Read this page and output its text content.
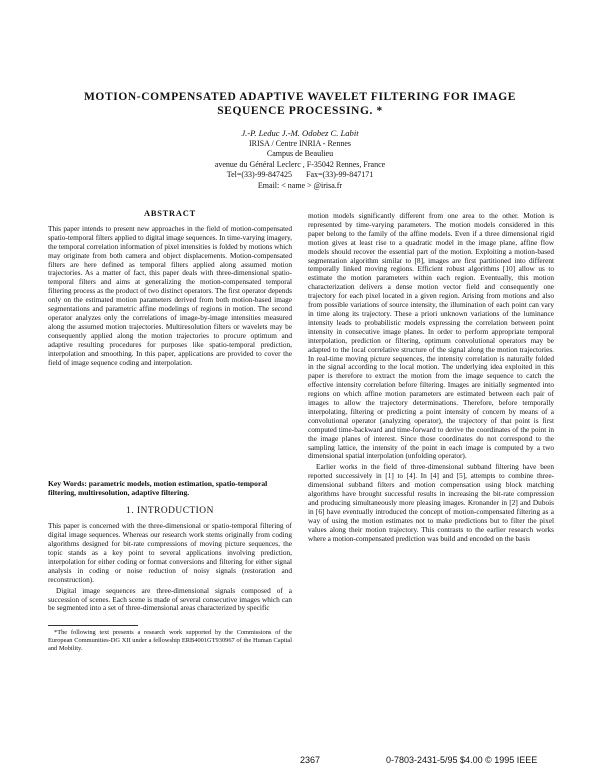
MOTION-COMPENSATED ADAPTIVE WAVELET FILTERING FOR IMAGE
SEQUENCE PROCESSING. *
J.-P. Leduc J.-M. Odobez C. Labit
IRISA / Centre INRIA - Rennes
Campus de Beaulieu
avenue du Général Leclerc , F-35042 Rennes, France
Tel=(33)-99-847425 Fax=(33)-99-847171
Email: < name > @irisa.fr
ABSTRACT

This paper intends to present new approaches in the field of motion-compensated spatio-temporal filters applied to digital image sequences. In time-varying imagery, the temporal correlation information of pixel intensities is folded by motions which may originate from both camera and object displacements. Motion-compensated filters are here defined as temporal filters applied along assumed motion trajectories. As a matter of fact, this paper deals with three-dimensional spatio-temporal filters and aims at generalizing the motion-compensated temporal filtering process as the product of two distinct operators. The first operator depends only on the estimated motion parameters derived from both motion-based image segmentations and parametric affine modelings of regions in motion. The second operator analyzes only the correlations of image-by-image intensities measured along the assumed motion trajectories. Multiresolution filters or wavelets may be consequently applied along the motion trajectories to procure optimum and adaptive resulting procedures for purposes like spatio-temporal prediction, interpolation and smoothing. In this paper, applications are provided to cover the field of image sequence coding and interpolation.

Key Words: parametric models, motion estimation, spatio-temporal filtering, multiresolution, adaptive filtering.
1. INTRODUCTION

This paper is concerned with the three-dimensional or spatio-temporal filtering of digital image sequences. Whereas our research work stems originally from coding algorithms designed for bit-rate compressions of moving picture sequences, the topic stands as a key point to several applications involving prediction, interpolation for either coding or format conversions and filtering for either signal analysis in coding or noise reduction of noisy signals (restoration and reconstruction).

Digital image sequences are three-dimensional signals composed of a succession of scenes. Each scene is made of several consecutive images which can be segmented into a set of three-dimensional areas characterized by specific

*The following text presents a research work supported by the Commissions of the European Communities-DG XII under a fellowship ERB4001GT930967 of the Human Capital and Mobility.

motion models significantly different from one area to the other. Motion is represented by time-varying parameters. The motion models considered in this paper belong to the family of the affine models. Even if a three dimensional rigid motion gives at least rise to a quadratic model in the image plane, affine flow models should recover the essential part of the motion. Exploiting a motion-based segmentation algorithm similar to [8], images are first partitioned into different temporally linked moving regions. Efficient robust algorithms [10] allow us to estimate the motion parameters within each region. Eventually, this motion characterization delivers a dense motion vector field and consequently one trajectory for each pixel located in a given region. Arising from motions and also from possible variations of source intensity, the illumination of each point can vary in time along its trajectory. These a priori unknown variations of the luminance intensity leads to probabilistic models expressing the correlation between point intensity in consecutive image planes. In order to perform appropriate temporal interpolation, prediction or filtering, optimum convolutional operators may be adapted to the local correlative structure of the signal along the motion trajectories. In real-time moving picture sequences, the intensity correlation is naturally folded in the signal according to the local motion. The underlying idea exploited in this paper is therefore to extract the motion from the image sequence to catch the effective intensity correlation before filtering. Images are initially segmented into regions on which affine motion parameters are estimated between each pair of images to allow the trajectory determinations. Therefore, before temporally interpolating, filtering or predicting a point intensity of concern by means of a convolutional operator (analyzing operator), the trajectory of that point is first computed time-backward and time-forward to derive the coordinates of the point in the image planes of interest. Since those coordinates do not correspond to the sampling lattice, the intensity of the point in each image is computed by a two dimensional spatial interpolation (unfolding operator).

Earlier works in the field of three-dimensional subband filtering have been reported successively in [1] to [4]. In [4] and [5], attempts to combine three-dimensional subband filters and motion compensation using block matching algorithms have brought successful results in increasing the bit-rate compression and producing simultaneously more pleasing images. Kronander in [2] and Dubois in [6] have eventually introduced the concept of motion-compensated filtering as a way of using the motion estimates not to make predictions but to filter the pixel values along their motion trajectory. This contrasts to the earlier research works where a motion-compensated prediction was build and encoded on the basis

2367	0-7803-2431-5/95 $4.00 © 1995 IEEE
